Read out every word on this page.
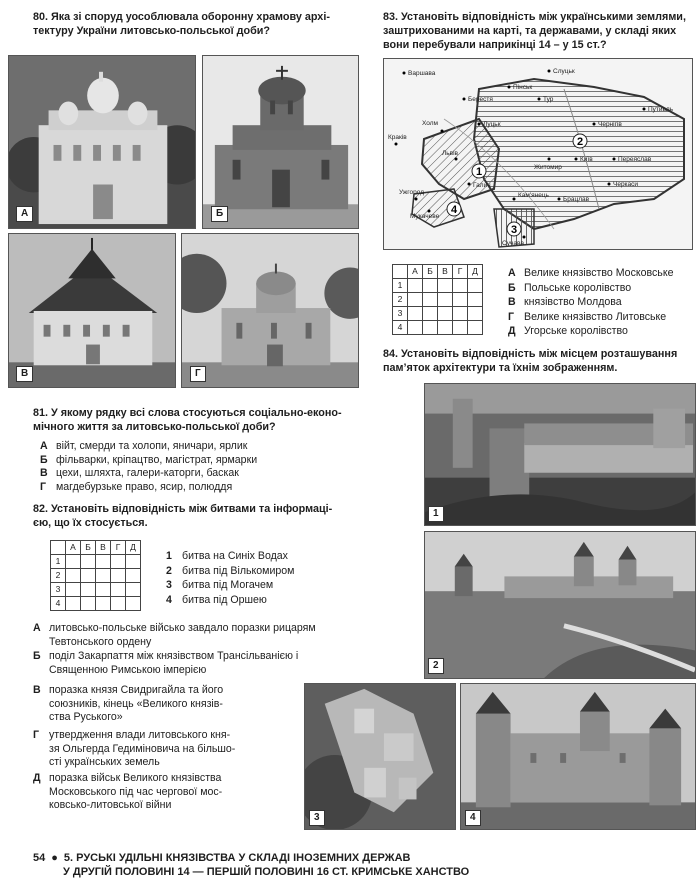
80. Яка зі споруд уособлювала оборонну храмову архі-
тектуру України литовсько-польської доби?
А	Б
В	Г
81. У якому рядку всі слова стосуються соціально-еконо-
мічного життя за литовсько-польської доби?
А війт, смерди та холопи, яничари, ярлик
Б фільварки, кріпацтво, магістрат, ярмарки
В цехи, шляхта, галери-каторги, баскак
Г магдебурзьке право, ясир, полюддя
82. Установіть відповідність між битвами та інформаці-
єю, що їх стосується.
	А	Б	В	Г	Д
1					
2					
3					
4					
1 битва на Синіх Водах
2 битва під Вількомиром
3 битва під Могачем
4 битва під Оршею
А литовсько-польське військо завдало поразки рицарям
Тевтонського ордену
Б поділ Закарпаття між князівством Трансільванією і
Священною Римською імперією
В поразка князя Свидригайла та його
союзників, кінець «Великого князів-
ства Руського»
Г утвердження влади литовського кня-
зя Ольгерда Гедиміновича на більшо-
сті українських земель
Д поразка військ Великого князівства
Московського під час чергової мос-
ковсько-литовської війни
83. Установіть відповідність між українськими землями,
заштрихованими на карті, та державами, у складі яких
вони перебували наприкінці 14 – у 15 ст.?
1
2
3
4
Варшава
Берестя
Луцьк
Холм
Львів
Краків
Ужгород
Мукачеве
Київ
Чернігів
Житомир
Переяслав
Путивль
Сучава
Брацлав
Слуцьк
Пінськ
Тур
Кам'янець
Галич	Черкаси
	А	Б	В	Г	Д
1					
2					
3					
4					
А Велике князівство Московське
Б Польське королівство
В князівство Молдова
Г Велике князівство Литовське
Д Угорське королівство
84. Установіть відповідність між місцем розташування
пам’яток архітектури та їхнім зображенням.
1
2
3	4
54 ● 5. РУСЬКІ УДІЛЬНІ КНЯЗІВСТВА У СКЛАДІ ІНОЗЕМНИХ ДЕРЖАВ
У ДРУГІЙ ПОЛОВИНІ 14 — ПЕРШІЙ ПОЛОВИНІ 16 СТ. КРИМСЬКЕ ХАНСТВО
